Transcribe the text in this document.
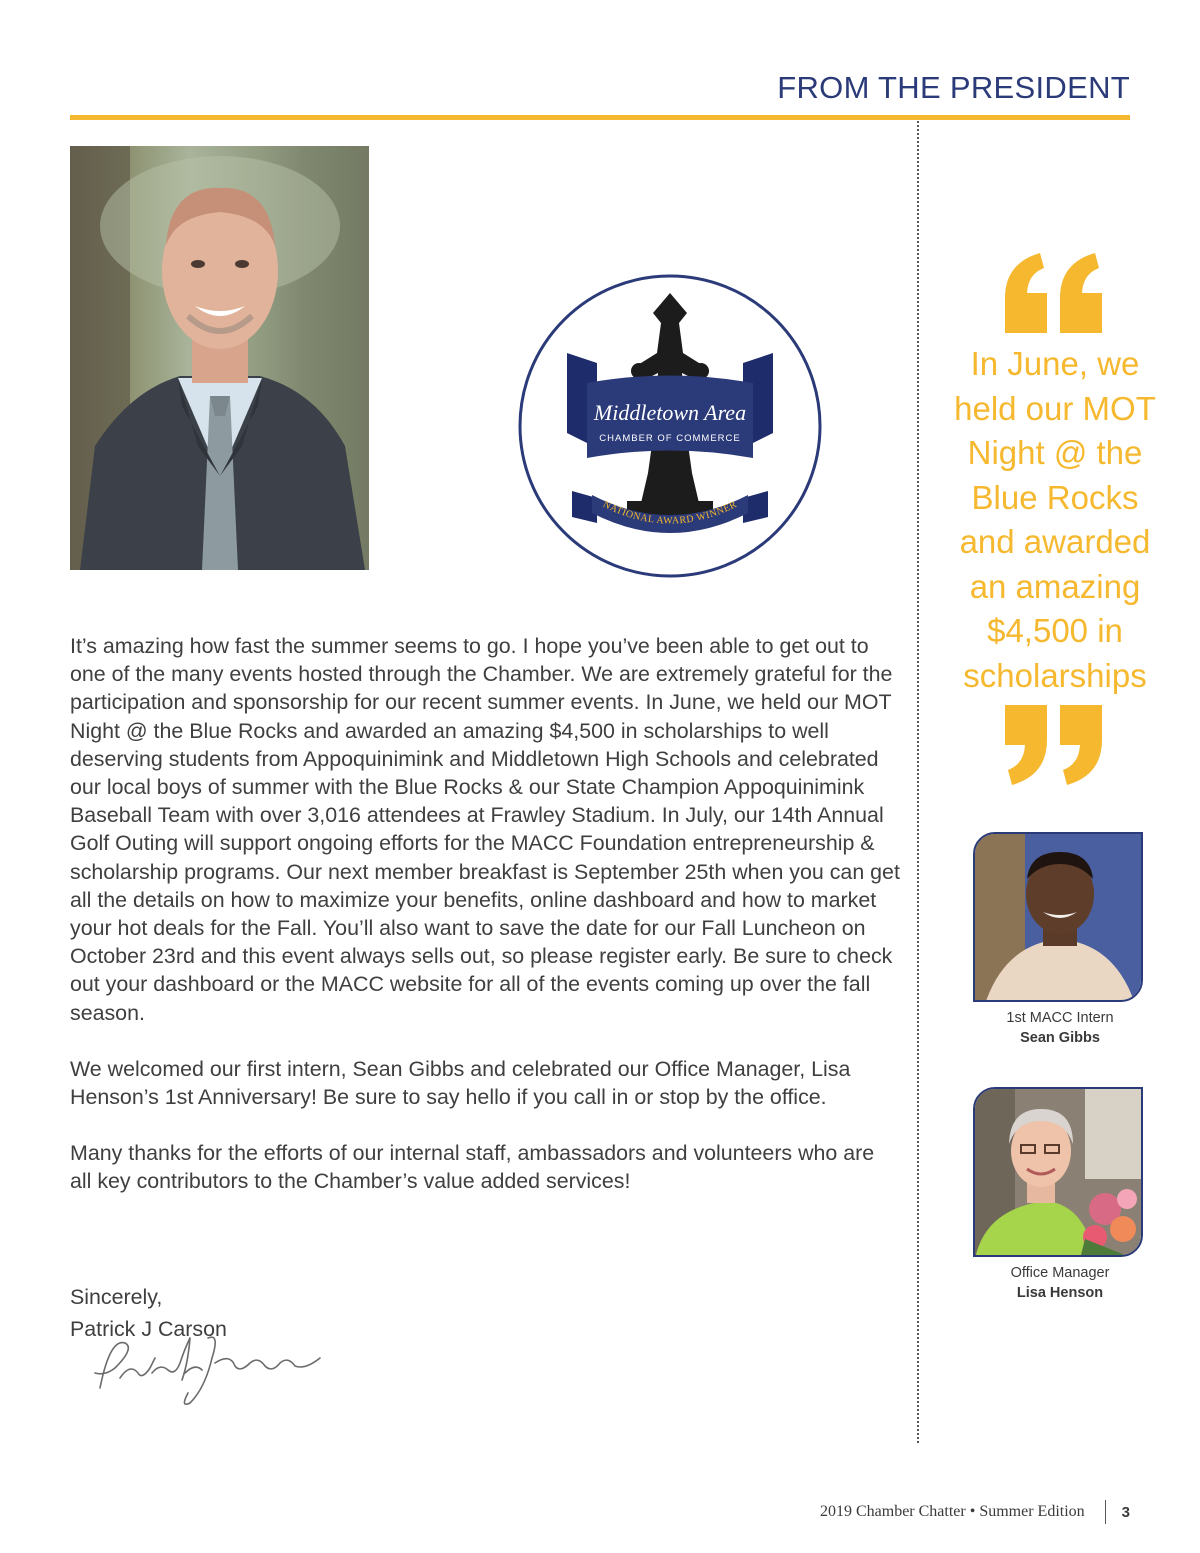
FROM THE PRESIDENT
Middletown Area
CHAMBER OF COMMERCE
NATIONAL AWARD WINNER

It’s amazing how fast the summer seems to go. I hope you’ve been able to get out to one of the many events hosted through the Chamber. We are extremely grateful for the participation and sponsorship for our recent summer events. In June, we held our MOT Night @ the Blue Rocks and awarded an amazing $4,500 in scholarships to well deserving students from Appoquinimink and Middletown High Schools and celebrated our local boys of summer with the Blue Rocks & our State Champion Appoquinimink Baseball Team with over 3,016 attendees at Frawley Stadium. In July, our 14th Annual Golf Outing will support ongoing efforts for the MACC Foundation entrepreneurship & scholarship programs. Our next member breakfast is September 25th when you can get all the details on how to maximize your benefits, online dashboard and how to market your hot deals for the Fall. You’ll also want to save the date for our Fall Luncheon on October 23rd and this event always sells out, so please register early. Be sure to check out your dashboard or the MACC website for all of the events coming up over the fall season.

We welcomed our first intern, Sean Gibbs and celebrated our Office Manager, Lisa Henson’s 1st Anniversary! Be sure to say hello if you call in or stop by the office.

Many thanks for the efforts of our internal staff, ambassadors and volunteers who are all key contributors to the Chamber’s value added services!

Sincerely,
Patrick J Carson
In June, we held our MOT Night @ the Blue Rocks and awarded an amazing $4,500 in scholarships
1st MACC Intern
Sean Gibbs
Office Manager
Lisa Henson
2019 Chamber Chatter • Summer Edition 3
